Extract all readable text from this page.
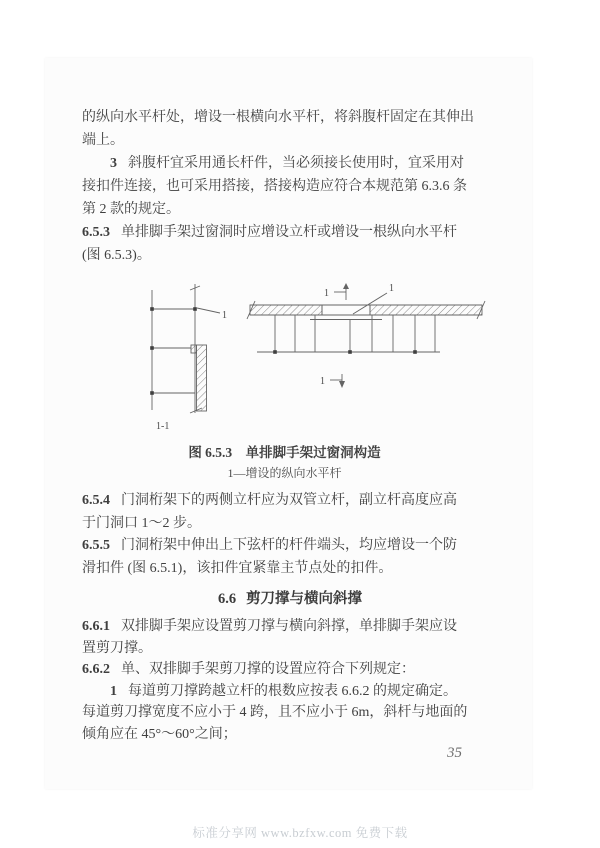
的纵向水平杆处，增设一根横向水平杆，将斜腹杆固定在其伸出
端上。
3 斜腹杆宜采用通长杆件，当必须接长使用时，宜采用对
接扣件连接，也可采用搭接，搭接构造应符合本规范第 6.3.6 条
第 2 款的规定。
6.5.3 单排脚手架过窗洞时应增设立杆或增设一根纵向水平杆
(图 6.5.3)。
1
1-1
1	1
1
图 6.5.3　单排脚手架过窗洞构造
1—增设的纵向水平杆
6.5.4 门洞桁架下的两侧立杆应为双管立杆，副立杆高度应高
于门洞口 1～2 步。
6.5.5 门洞桁架中伸出上下弦杆的杆件端头，均应增设一个防
滑扣件 (图 6.5.1)，该扣件宜紧靠主节点处的扣件。
6.6 剪刀撑与横向斜撑
6.6.1 双排脚手架应设置剪刀撑与横向斜撑，单排脚手架应设
置剪刀撑。
6.6.2 单、双排脚手架剪刀撑的设置应符合下列规定：
1 每道剪刀撑跨越立杆的根数应按表 6.6.2 的规定确定。
每道剪刀撑宽度不应小于 4 跨，且不应小于 6m，斜杆与地面的
倾角应在 45°～60°之间；
35
标准分享网 www.bzfxw.com 免费下载
